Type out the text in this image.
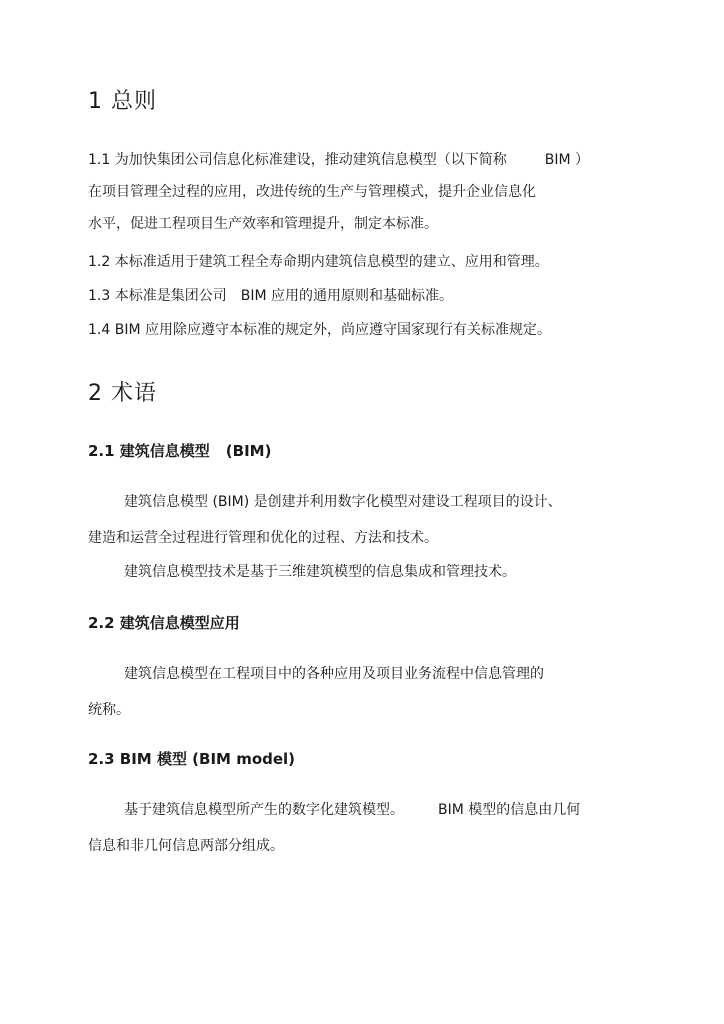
1 总则
1.1 为加快集团公司信息化标准建设，推动建筑信息模型（以下简称	BIM ）
在项目管理全过程的应用，改进传统的生产与管理模式，提升企业信息化
水平，促进工程项目生产效率和管理提升，制定本标准。
1.2 本标准适用于建筑工程全寿命期内建筑信息模型的建立、应用和管理。
1.3 本标准是集团公司 BIM 应用的通用原则和基础标准。
1.4 BIM 应用除应遵守本标准的规定外，尚应遵守国家现行有关标准规定。
2 术语
2.1 建筑信息模型 (BIM)
建筑信息模型 (BIM) 是创建并利用数字化模型对建设工程项目的设计、
建造和运营全过程进行管理和优化的过程、方法和技术。
建筑信息模型技术是基于三维建筑模型的信息集成和管理技术。
2.2 建筑信息模型应用
建筑信息模型在工程项目中的各种应用及项目业务流程中信息管理的
统称。
2.3 BIM 模型 (BIM model)
基于建筑信息模型所产生的数字化建筑模型。 BIM 模型的信息由几何
信息和非几何信息两部分组成。
